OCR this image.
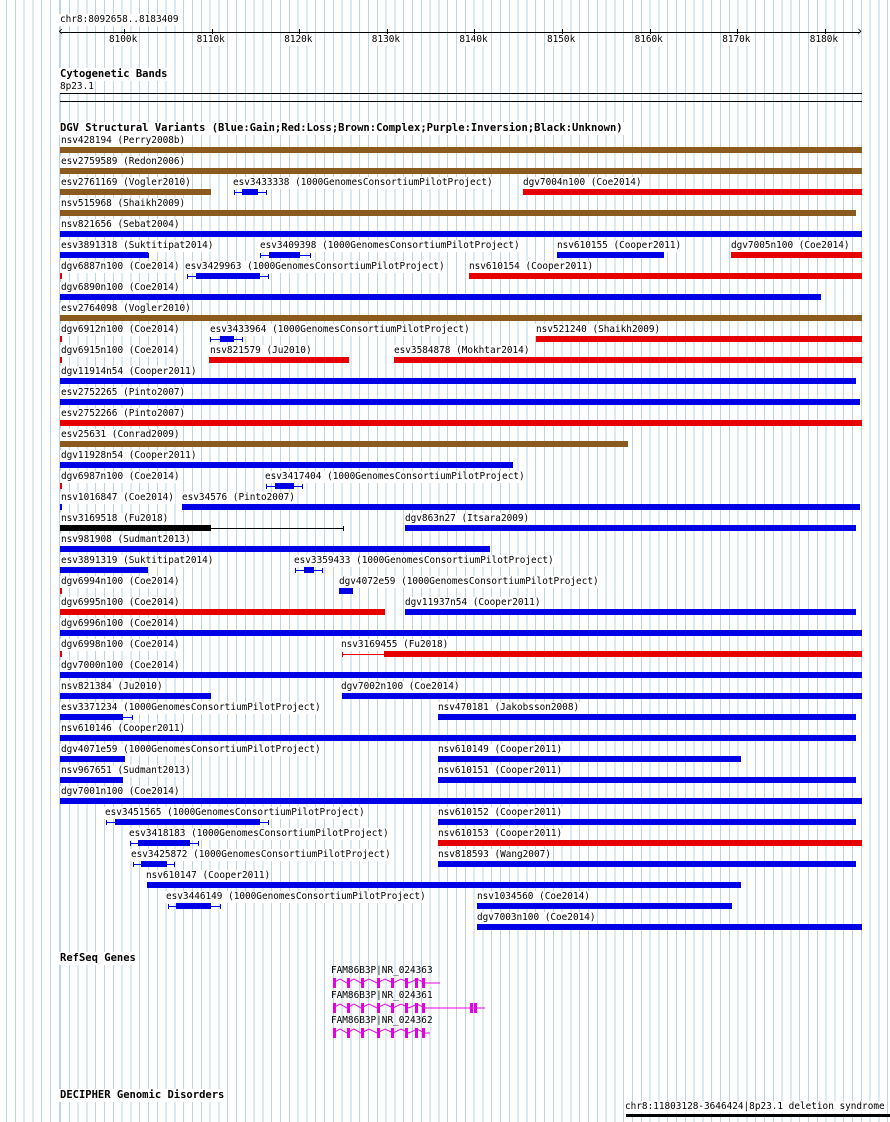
chr8:8092658..8183409
‹	›
8100k	8110k	8120k	8130k	8140k	8150k	8160k	8170k	8180k
Cytogenetic Bands
8p23.1
DGV Structural Variants (Blue:Gain;Red:Loss;Brown:Complex;Purple:Inversion;Black:Unknown)
nsv428194 (Perry2008b)
esv2759589 (Redon2006)
esv2761169 (Vogler2010)	esv3433338 (1000GenomesConsortiumPilotProject)	dgv7004n100 (Coe2014)
nsv515968 (Shaikh2009)
nsv821656 (Sebat2004)
esv3891318 (Suktitipat2014)	esv3409398 (1000GenomesConsortiumPilotProject)	nsv610155 (Cooper2011)	dgv7005n100 (Coe2014)
dgv6887n100 (Coe2014) esv3429963 (1000GenomesConsortiumPilotProject)	nsv610154 (Cooper2011)
dgv6890n100 (Coe2014)
esv2764098 (Vogler2010)
dgv6912n100 (Coe2014)	esv3433964 (1000GenomesConsortiumPilotProject)	nsv521240 (Shaikh2009)
dgv6915n100 (Coe2014)	nsv821579 (Ju2010)	esv3584878 (Mokhtar2014)
dgv11914n54 (Cooper2011)
esv2752265 (Pinto2007)
esv2752266 (Pinto2007)
esv25631 (Conrad2009)
dgv11928n54 (Cooper2011)
dgv6987n100 (Coe2014)	esv3417404 (1000GenomesConsortiumPilotProject)
nsv1016847 (Coe2014) esv34576 (Pinto2007)
nsv3169518 (Fu2018)	dgv863n27 (Itsara2009)
nsv981908 (Sudmant2013)
esv3891319 (Suktitipat2014)	esv3359433 (1000GenomesConsortiumPilotProject)
dgv6994n100 (Coe2014)	dgv4072e59 (1000GenomesConsortiumPilotProject)
dgv6995n100 (Coe2014)	dgv11937n54 (Cooper2011)
dgv6996n100 (Coe2014)
dgv6998n100 (Coe2014)	nsv3169455 (Fu2018)
dgv7000n100 (Coe2014)
nsv821384 (Ju2010)	dgv7002n100 (Coe2014)
esv3371234 (1000GenomesConsortiumPilotProject)	nsv470181 (Jakobsson2008)
nsv610146 (Cooper2011)
dgv4071e59 (1000GenomesConsortiumPilotProject)	nsv610149 (Cooper2011)
nsv967651 (Sudmant2013)	nsv610151 (Cooper2011)
dgv7001n100 (Coe2014)
esv3451565 (1000GenomesConsortiumPilotProject)	nsv610152 (Cooper2011)
esv3418183 (1000GenomesConsortiumPilotProject)	nsv610153 (Cooper2011)
esv3425872 (1000GenomesConsortiumPilotProject)	nsv818593 (Wang2007)
nsv610147 (Cooper2011)
esv3446149 (1000GenomesConsortiumPilotProject)	nsv1034560 (Coe2014)
dgv7003n100 (Coe2014)
RefSeq Genes
FAM86B3P|NR_024363
FAM86B3P|NR_024361
FAM86B3P|NR_024362
DECIPHER Genomic Disorders
chr8:11803128-3646424|8p23.1 deletion syndrome
